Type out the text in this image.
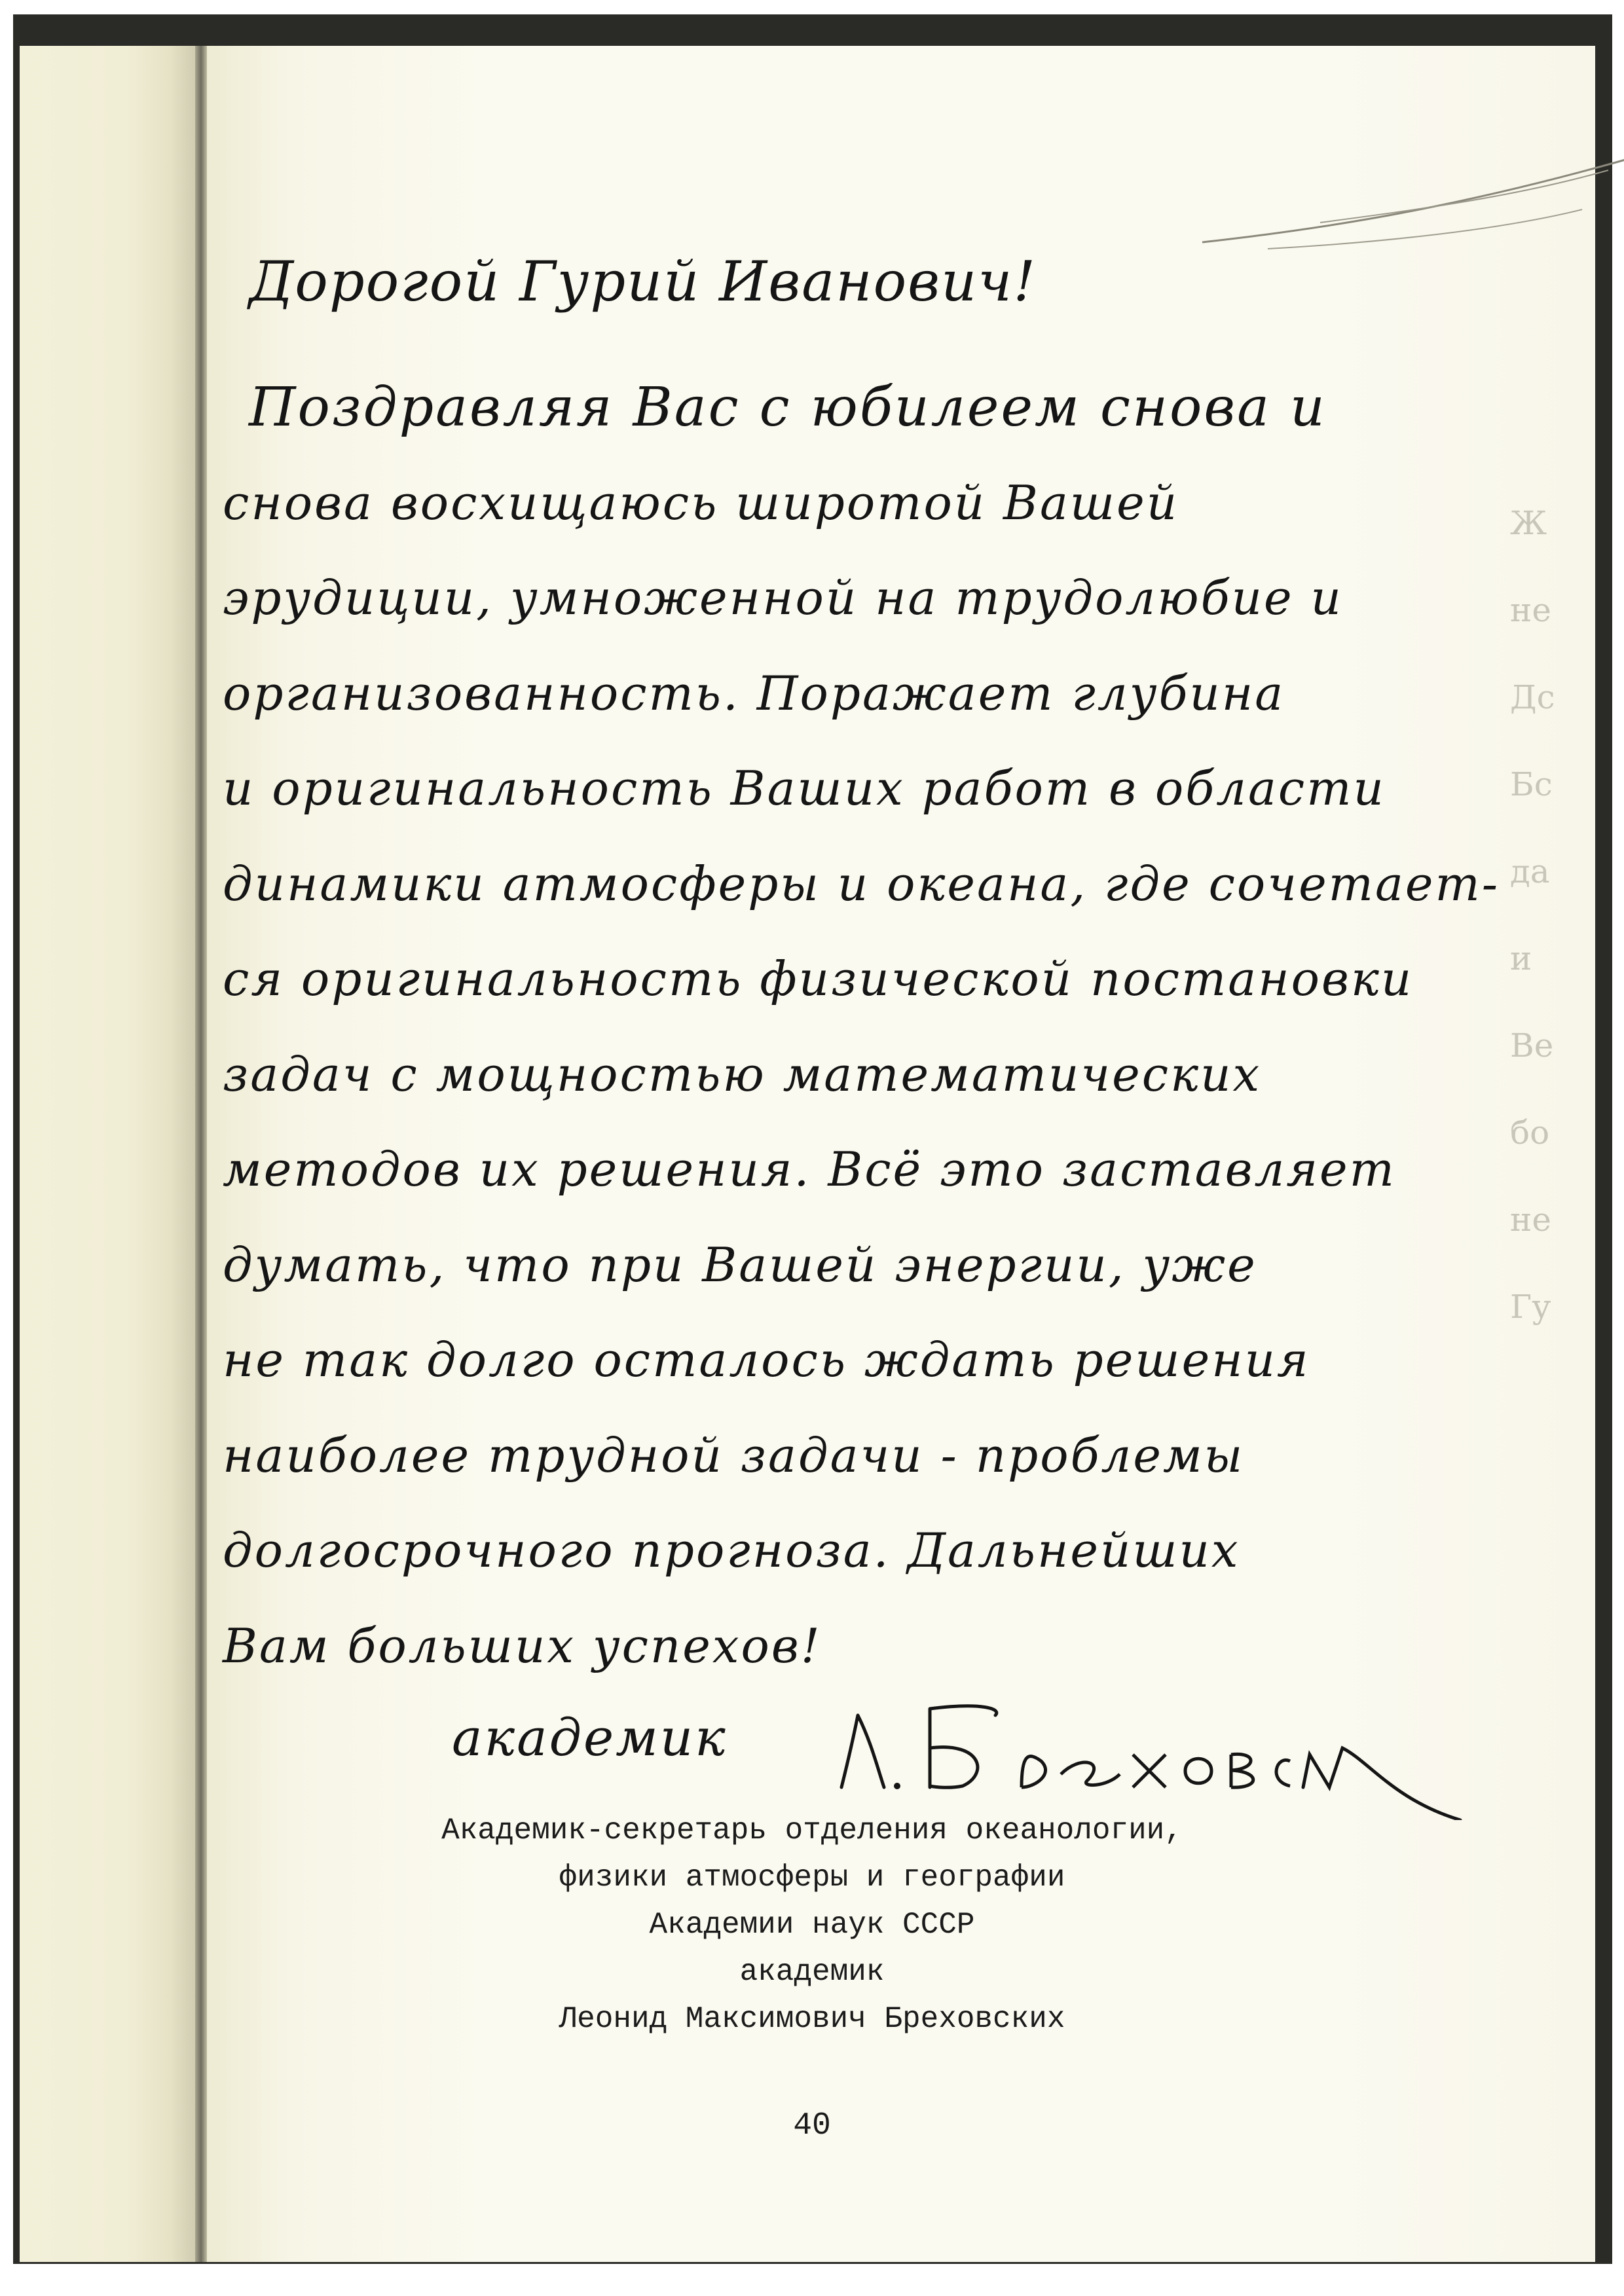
Ж
не
Дс
Бс
да
и
Ве
бо
не
Гу
Дорогой Гурий Иванович!
Поздравляя Вас с юбилеем снова и
снова восхищаюсь широтой Вашей
эрудиции, умноженной на трудолюбие и
организованность. Поражает глубина
и оригинальность Ваших работ в области
динамики атмосферы и океана, где сочетает-
ся оригинальность физической постановки
задач с мощностью математических
методов их решения. Всё это заставляет
думать, что при Вашей энергии, уже
не так долго осталось ждать решения
наиболее трудной задачи - проблемы
долгосрочного прогноза. Дальнейших
Вам больших успехов!
академик
Академик-секретарь отделения океанологии,
физики атмосферы и географии
Академии наук СССР
академик
Леонид Максимович Бреховских
40
